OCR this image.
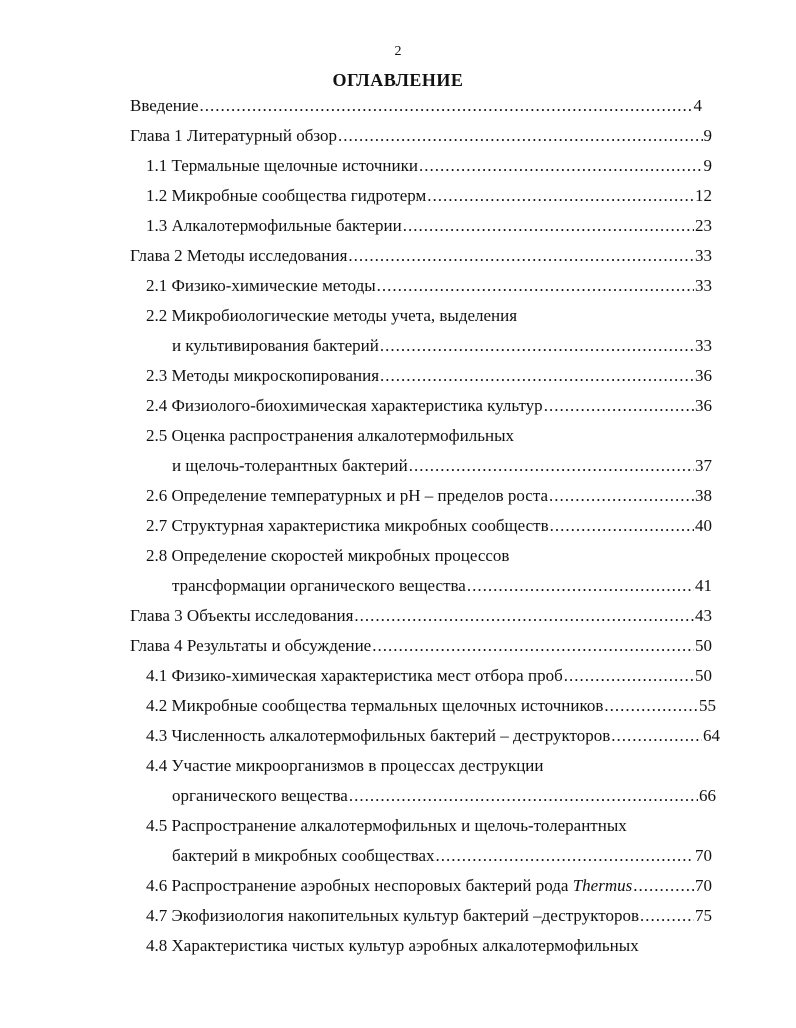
2
ОГЛАВЛЕНИЕ
Введение .....	4
Глава 1 Литературный обзор .....	9
1.1 Термальные щелочные источники .....	9
1.2 Микробные сообщества гидротерм .....	12
1.3 Алкалотермофильные бактерии .....	23
Глава 2 Методы исследования .....	33
2.1 Физико-химические методы .....	33
2.2 Микробиологические методы учета, выделения
и культивирования бактерий .....	33
2.3 Методы микроскопирования .....	36
2.4 Физиолого-биохимическая характеристика культур .....	36
2.5 Оценка распространения алкалотермофильных
и щелочь-толерантных бактерий .....	37
2.6 Определение температурных и рН – пределов роста .....	38
2.7 Структурная характеристика микробных сообществ .....	40
2.8 Определение скоростей микробных процессов
трансформации органического вещества .....	41
Глава 3 Объекты исследования .....	43
Глава 4 Результаты и обсуждение .....	50
4.1 Физико-химическая характеристика мест отбора проб .....	50
4.2 Микробные сообщества термальных щелочных источников .....	55
4.3 Численность алкалотермофильных бактерий – деструкторов .....	64
4.4 Участие микроорганизмов в процессах деструкции
органического вещества .....	66
4.5 Распространение алкалотермофильных и щелочь-толерантных
бактерий в микробных сообществах .....	70
4.6 Распространение аэробных неспоровых бактерий рода Thermus .....	70
4.7 Экофизиология накопительных культур бактерий –деструкторов .....	75
4.8 Характеристика чистых культур аэробных алкалотермофильных
